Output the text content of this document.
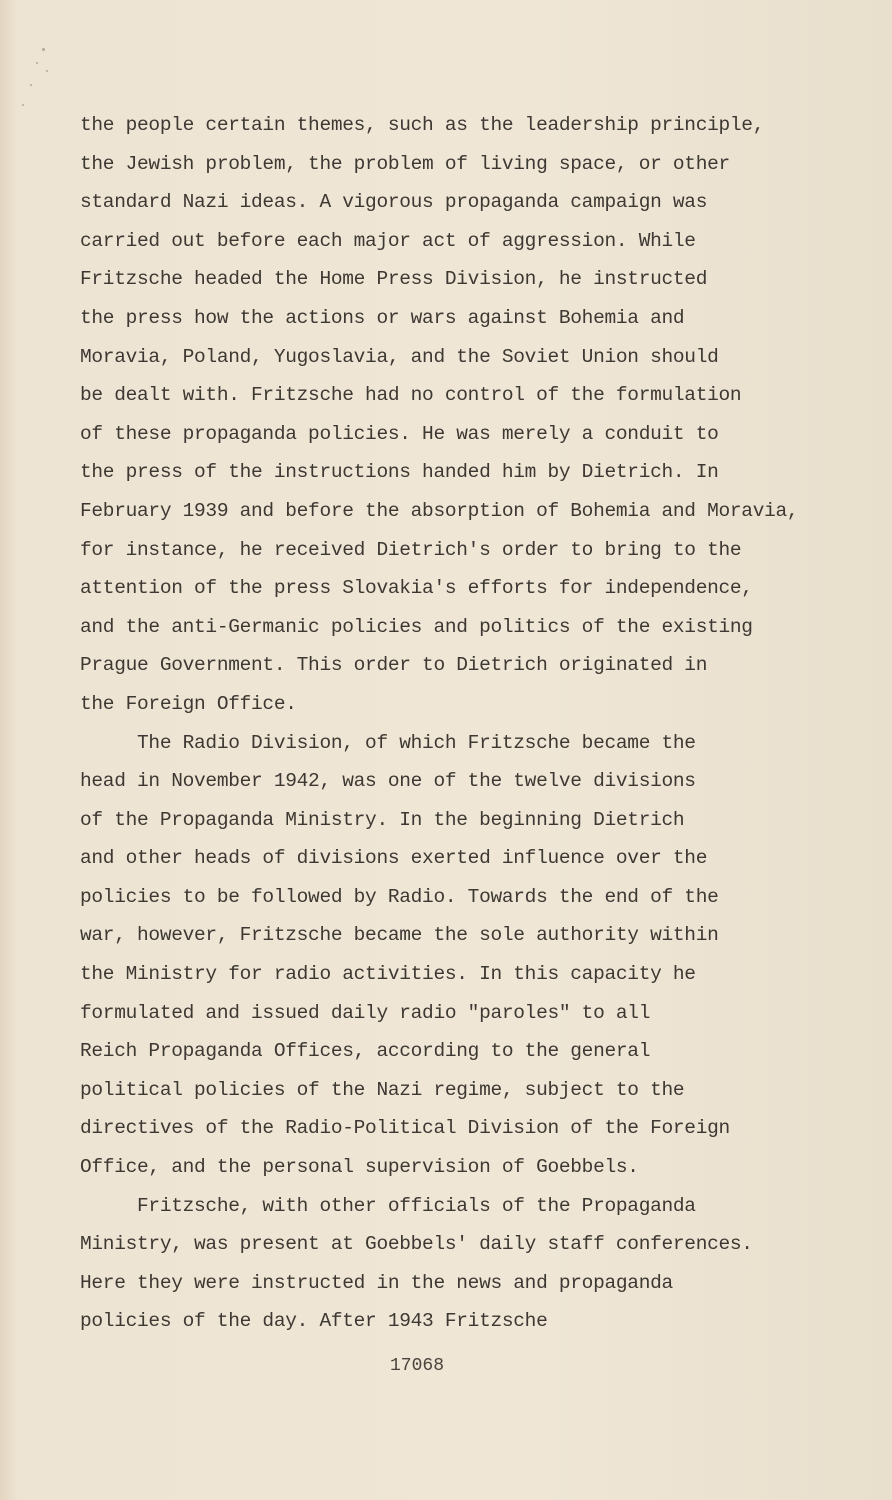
the people certain themes, such as the leadership principle,
the Jewish problem, the problem of living space, or other
standard Nazi ideas. A vigorous propaganda campaign was
carried out before each major act of aggression. While
Fritzsche headed the Home Press Division, he instructed
the press how the actions or wars against Bohemia and
Moravia, Poland, Yugoslavia, and the Soviet Union should
be dealt with. Fritzsche had no control of the formulation
of these propaganda policies. He was merely a conduit to
the press of the instructions handed him by Dietrich. In
February 1939 and before the absorption of Bohemia and Moravia,
for instance, he received Dietrich's order to bring to the
attention of the press Slovakia's efforts for independence,
and the anti-Germanic policies and politics of the existing
Prague Government. This order to Dietrich originated in
the Foreign Office.
The Radio Division, of which Fritzsche became the
head in November 1942, was one of the twelve divisions
of the Propaganda Ministry. In the beginning Dietrich
and other heads of divisions exerted influence over the
policies to be followed by Radio. Towards the end of the
war, however, Fritzsche became the sole authority within
the Ministry for radio activities. In this capacity he
formulated and issued daily radio "paroles" to all
Reich Propaganda Offices, according to the general
political policies of the Nazi regime, subject to the
directives of the Radio-Political Division of the Foreign
Office, and the personal supervision of Goebbels.
Fritzsche, with other officials of the Propaganda
Ministry, was present at Goebbels' daily staff conferences.
Here they were instructed in the news and propaganda
policies of the day. After 1943 Fritzsche
17068
